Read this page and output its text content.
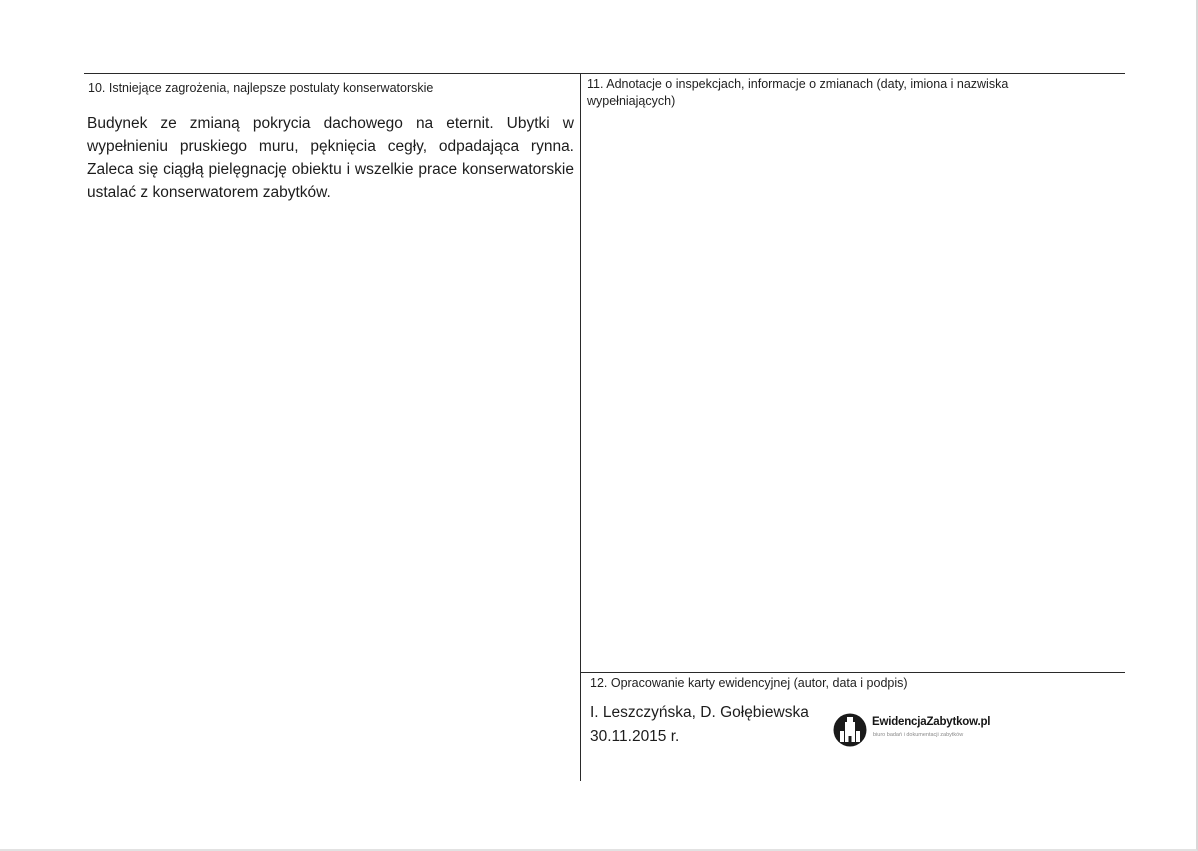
10. Istniejące zagrożenia, najlepsze postulaty konserwatorskie
Budynek ze zmianą pokrycia dachowego na eternit. Ubytki w wypełnieniu pruskiego muru, pęknięcia cegły, odpadająca rynna. Zaleca się ciągłą pielęgnację obiektu i wszelkie prace konserwatorskie ustalać z konserwatorem zabytków.
11. Adnotacje o inspekcjach, informacje o zmianach (daty, imiona i nazwiska
wypełniających)
12. Opracowanie karty ewidencyjnej (autor, data i podpis)
I. Leszczyńska, D. Gołębiewska
30.11.2015 r.
EwidencjaZabytkow.pl
biuro badań i dokumentacji zabytków
